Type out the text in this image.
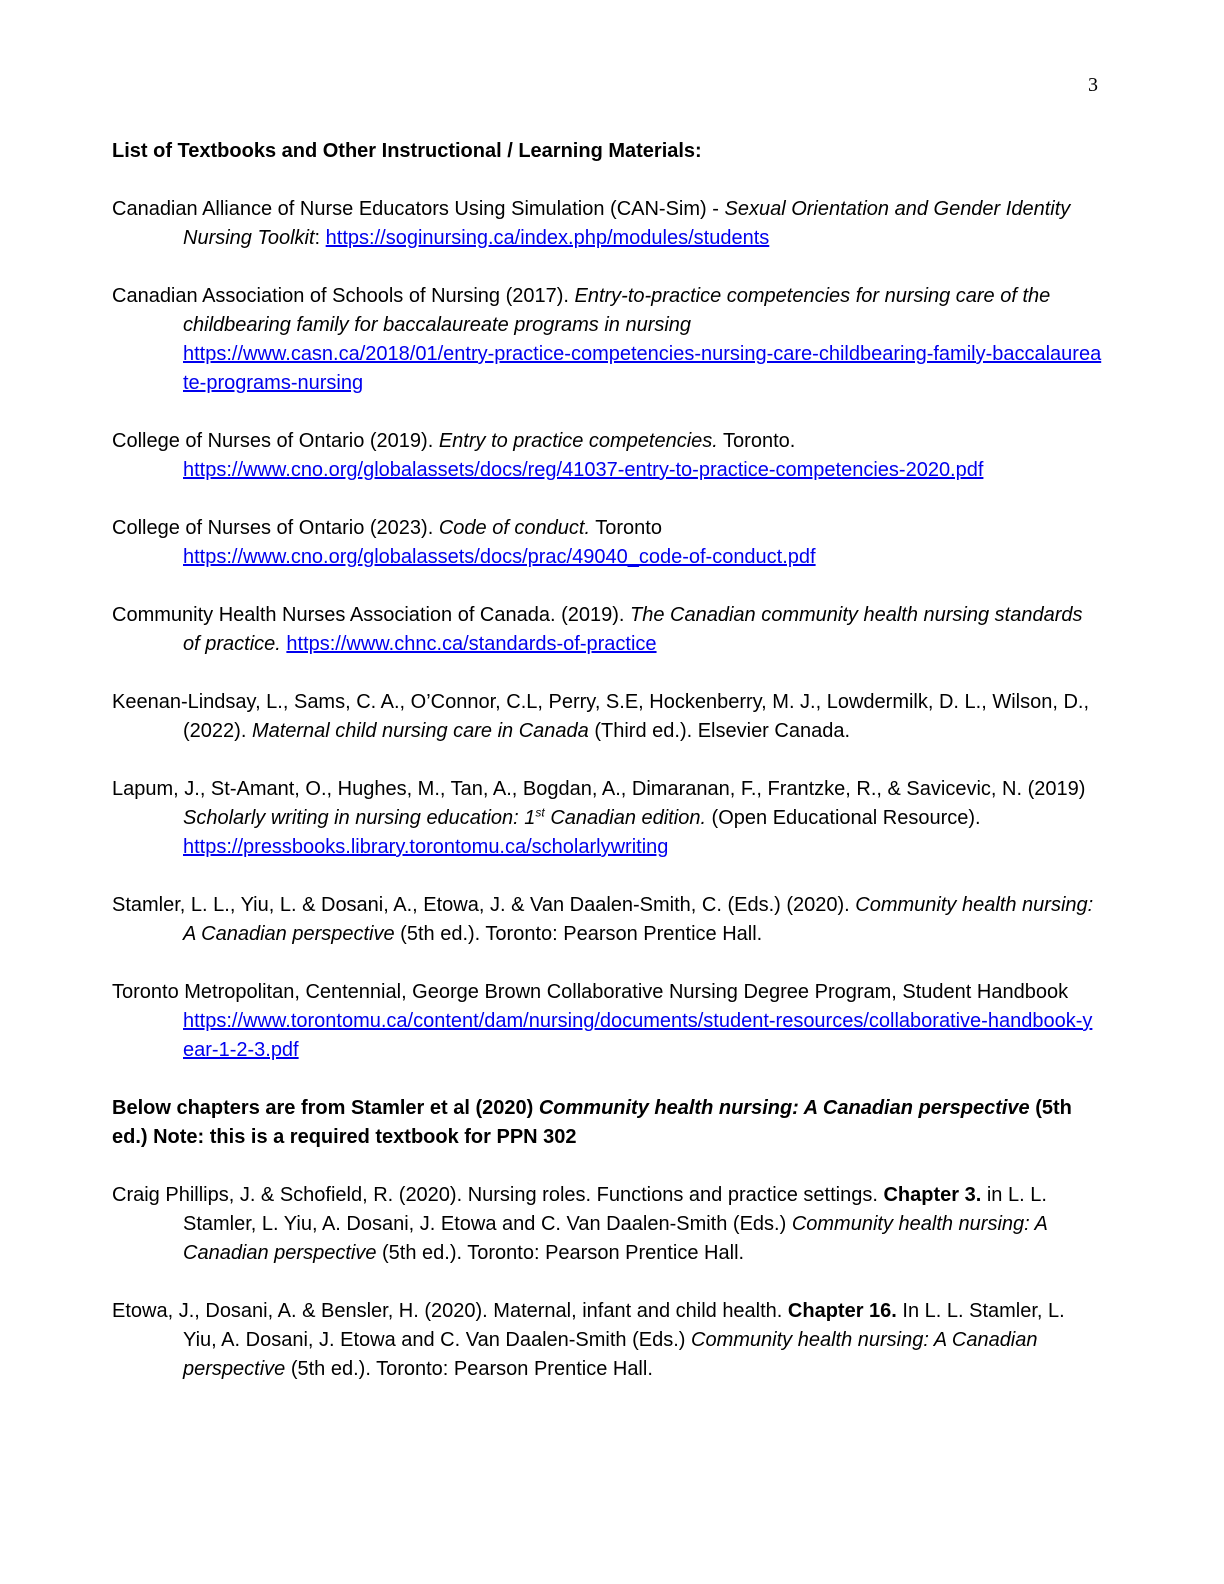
3

List of Textbooks and Other Instructional / Learning Materials:

Canadian Alliance of Nurse Educators Using Simulation (CAN-Sim) - Sexual Orientation and Gender Identity Nursing Toolkit: https://soginursing.ca/index.php/modules/students

Canadian Association of Schools of Nursing (2017). Entry-to-practice competencies for nursing care of the childbearing family for baccalaureate programs in nursing
https://www.casn.ca/2018/01/entry-practice-competencies-nursing-care-childbearing-family-baccalaureate-programs-nursing

College of Nurses of Ontario (2019). Entry to practice competencies. Toronto.
https://www.cno.org/globalassets/docs/reg/41037-entry-to-practice-competencies-2020.pdf

College of Nurses of Ontario (2023). Code of conduct. Toronto
https://www.cno.org/globalassets/docs/prac/49040_code-of-conduct.pdf

Community Health Nurses Association of Canada. (2019). The Canadian community health nursing standards of practice. https://www.chnc.ca/standards-of-practice

Keenan-Lindsay, L., Sams, C. A., O’Connor, C.L, Perry, S.E, Hockenberry, M. J., Lowdermilk, D. L., Wilson, D., (2022). Maternal child nursing care in Canada (Third ed.). Elsevier Canada.

Lapum, J., St-Amant, O., Hughes, M., Tan, A., Bogdan, A., Dimaranan, F., Frantzke, R., & Savicevic, N. (2019) Scholarly writing in nursing education: 1st Canadian edition. (Open Educational Resource). https://pressbooks.library.torontomu.ca/scholarlywriting

Stamler, L. L., Yiu, L. & Dosani, A., Etowa, J. & Van Daalen-Smith, C. (Eds.) (2020). Community health nursing: A Canadian perspective (5th ed.). Toronto: Pearson Prentice Hall.

Toronto Metropolitan, Centennial, George Brown Collaborative Nursing Degree Program, Student Handbook
https://www.torontomu.ca/content/dam/nursing/documents/student-resources/collaborative-handbook-year-1-2-3.pdf

Below chapters are from Stamler et al (2020) Community health nursing: A Canadian perspective (5th ed.) Note: this is a required textbook for PPN 302

Craig Phillips, J. & Schofield, R. (2020). Nursing roles. Functions and practice settings. Chapter 3. in L. L. Stamler, L. Yiu, A. Dosani, J. Etowa and C. Van Daalen-Smith (Eds.) Community health nursing: A Canadian perspective (5th ed.). Toronto: Pearson Prentice Hall.

Etowa, J., Dosani, A. & Bensler, H. (2020). Maternal, infant and child health. Chapter 16. In L. L. Stamler, L. Yiu, A. Dosani, J. Etowa and C. Van Daalen-Smith (Eds.) Community health nursing: A Canadian perspective (5th ed.). Toronto: Pearson Prentice Hall.
